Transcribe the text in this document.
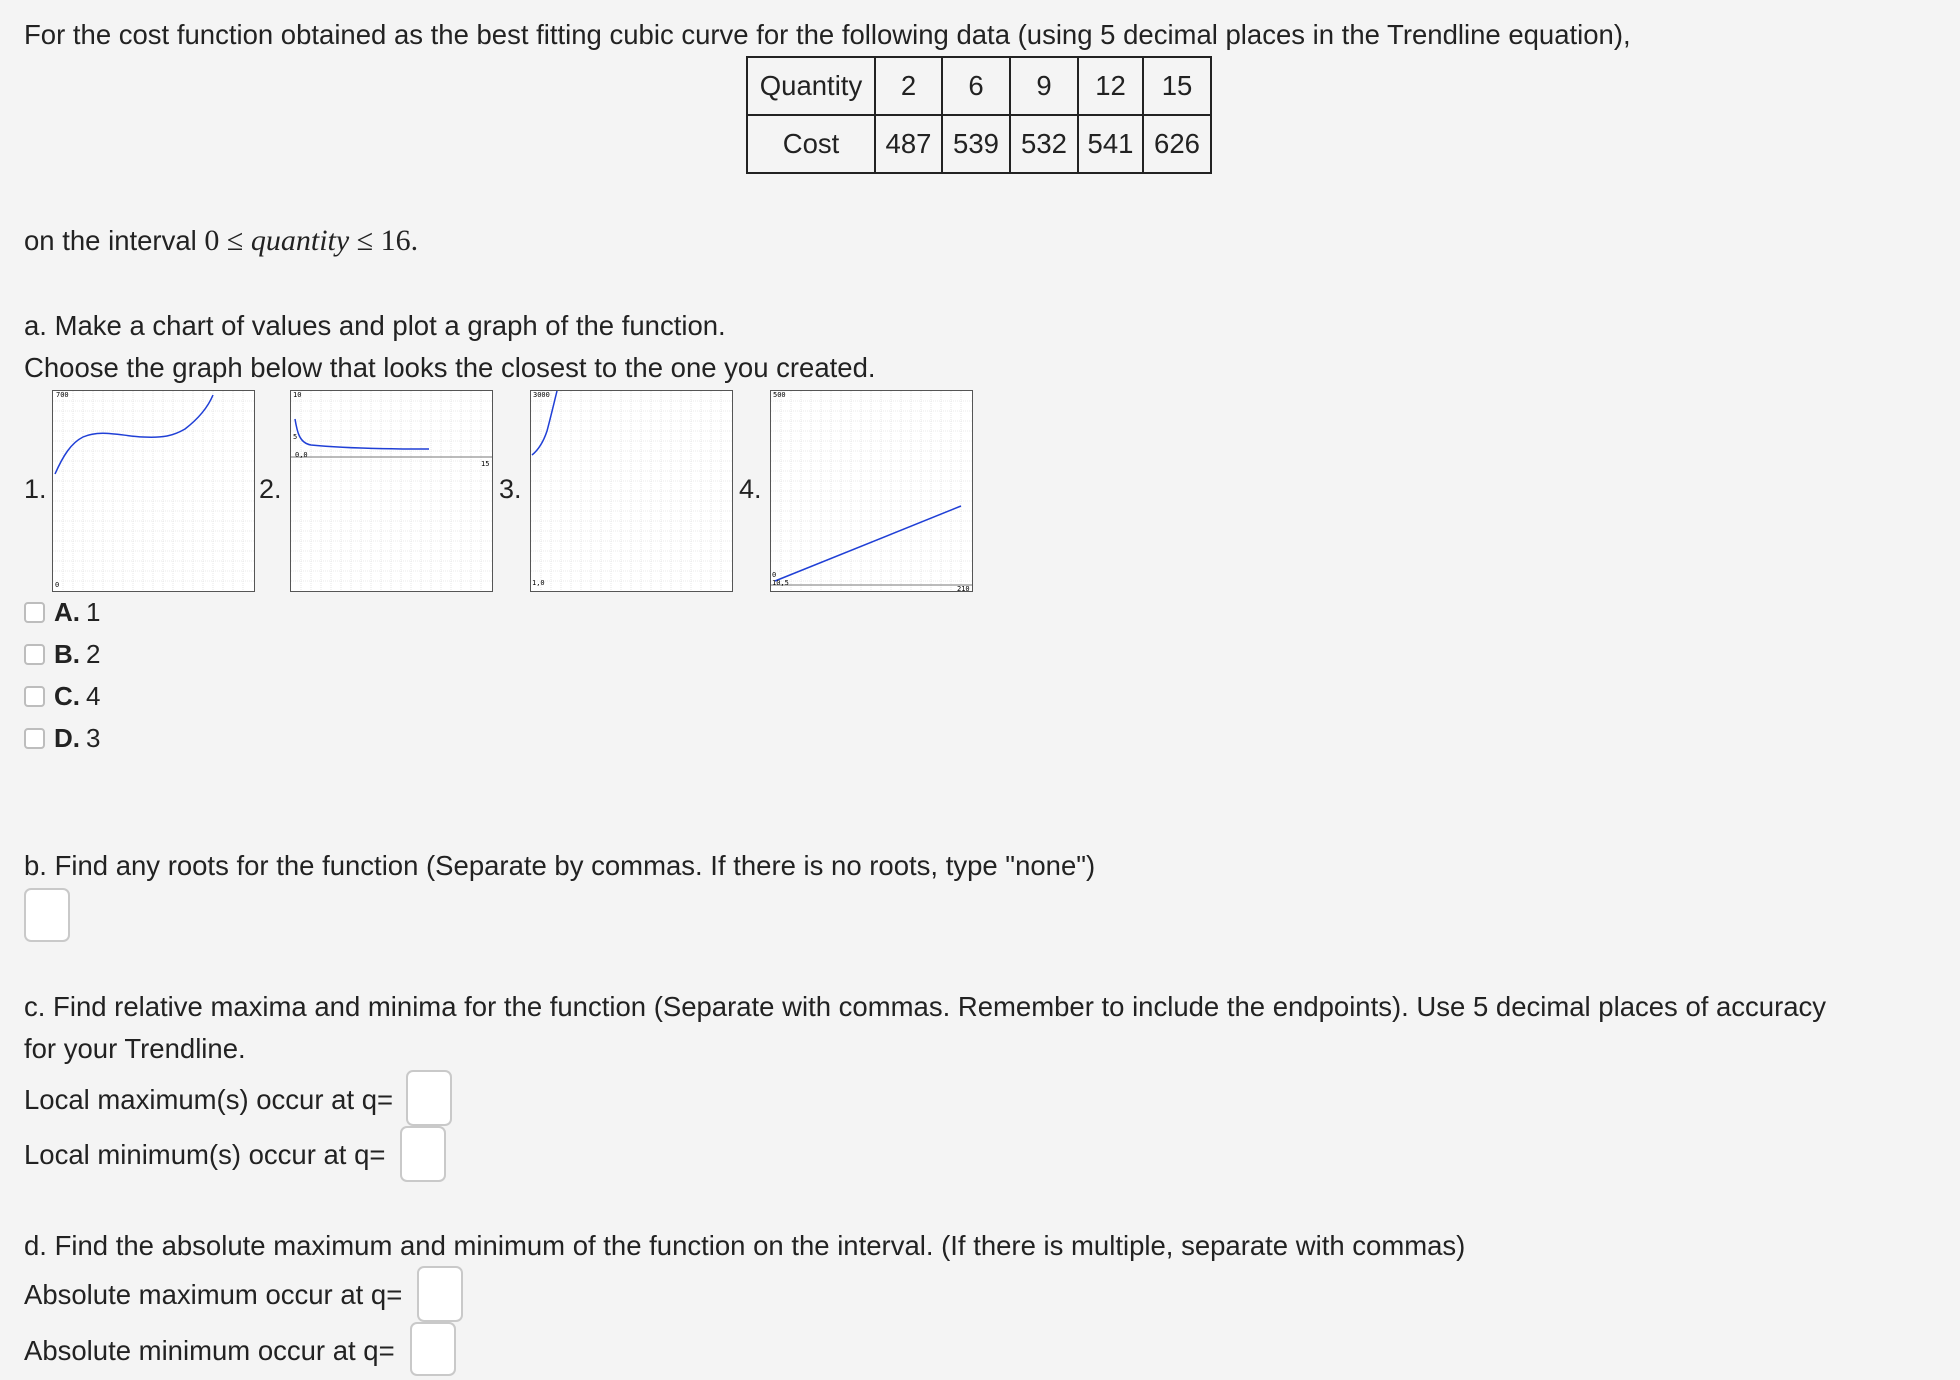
For the cost function obtained as the best fitting cubic curve for the following data (using 5 decimal places in the Trendline equation),
Quantity	2	6	9	12	15
Cost	487	539	532	541	626
on the interval 0 ≤ quantity ≤ 16.
a. Make a chart of values and plot a graph of the function.
Choose the graph below that looks the closest to the one you created.
1.	2.	3.	4.
700
0
10
5
0,0
15
3000
1,0
500
0
10,5
210
A. 1
B. 2
C. 4
D. 3
b. Find any roots for the function (Separate by commas. If there is no roots, type "none")
c. Find relative maxima and minima for the function (Separate with commas. Remember to include the endpoints). Use 5 decimal places of accuracy
for your Trendline.
Local maximum(s) occur at q=
Local minimum(s) occur at q=
d. Find the absolute maximum and minimum of the function on the interval. (If there is multiple, separate with commas)
Absolute maximum occur at q=
Absolute minimum occur at q=
